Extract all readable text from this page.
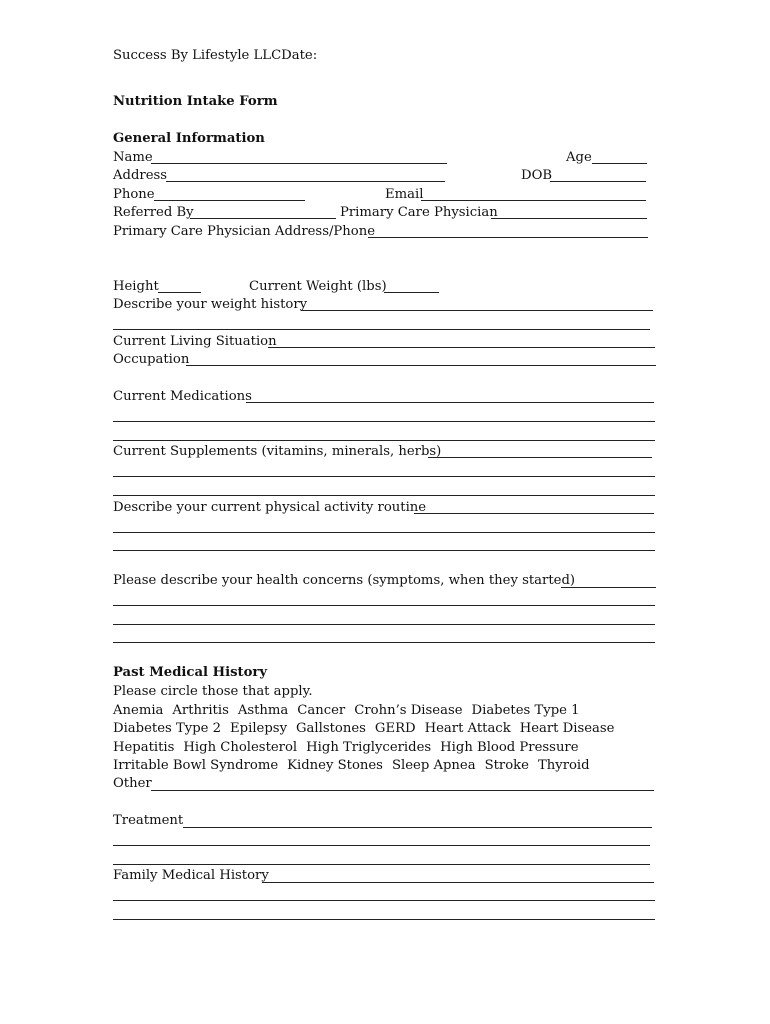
Success By Lifestyle LLCDate:
Nutrition Intake Form
General Information
Name	Age
Address	DOB
Phone	Email
Referred By	Primary Care Physician
Primary Care Physician Address/Phone
Height	Current Weight (lbs)
Describe your weight history
Current Living Situation
Occupation
Current Medications
Current Supplements (vitamins, minerals, herbs)
Describe your current physical activity routine
Please describe your health concerns (symptoms, when they started)
Past Medical History
Please circle those that apply.
Anemia Arthritis Asthma Cancer Crohn’s Disease Diabetes Type 1
Diabetes Type 2 Epilepsy Gallstones GERD Heart Attack Heart Disease
Hepatitis High Cholesterol High Triglycerides High Blood Pressure
Irritable Bowl Syndrome Kidney Stones Sleep Apnea Stroke Thyroid
Other
Treatment
Family Medical History
